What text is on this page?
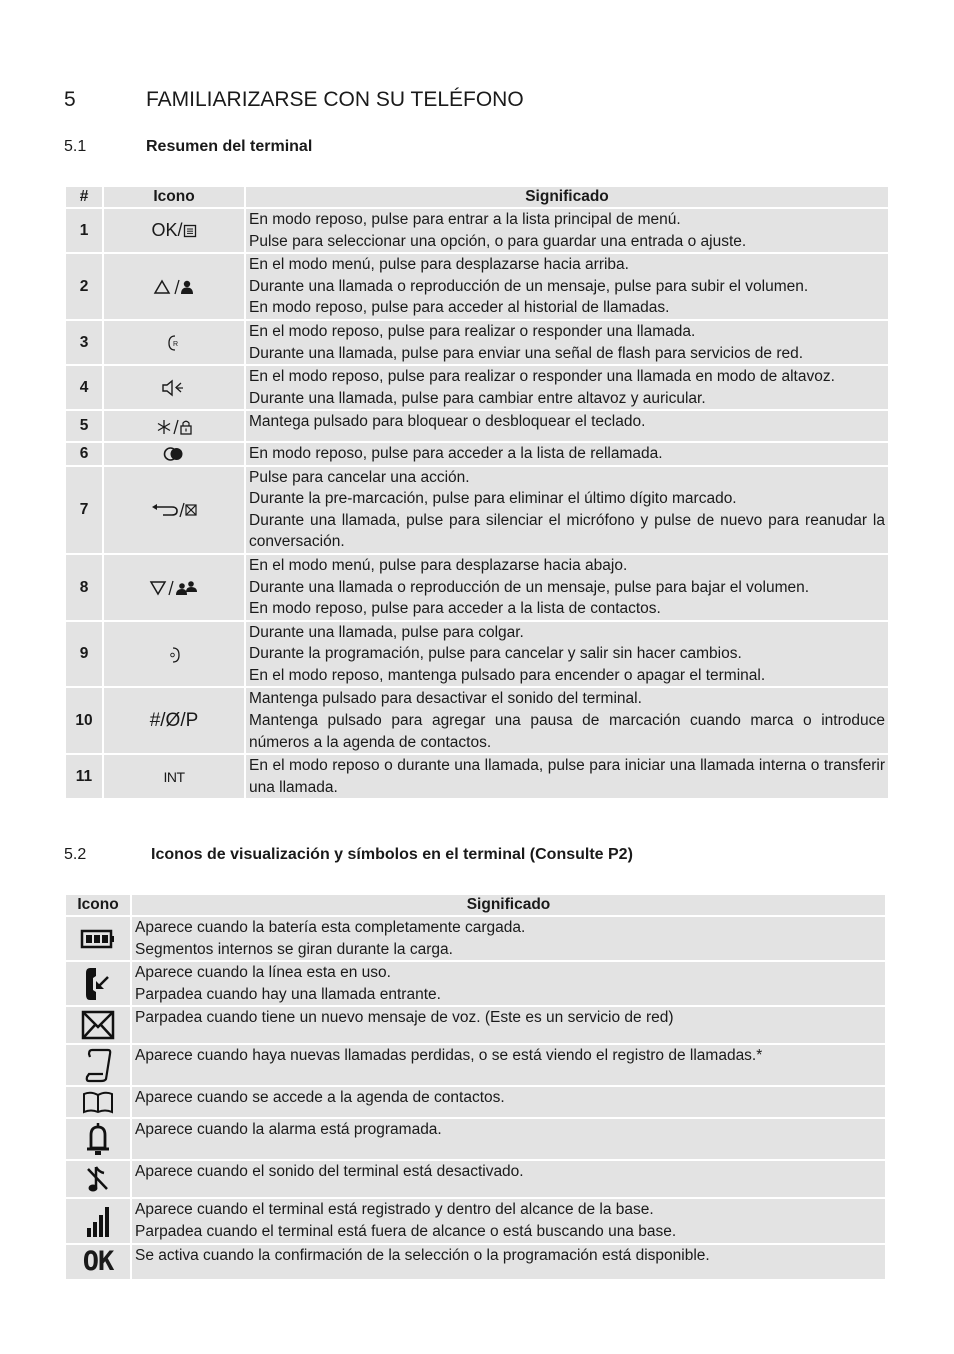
5	FAMILIARIZARSE CON SU TELÉFONO
5.1	Resumen del terminal
#	Icono	Significado
1	OK/	En modo reposo, pulse para entrar a la lista principal de menú.
Pulse para seleccionar una opción, o para guardar una entrada o ajuste.

2		En el modo menú, pulse para desplazarse hacia arriba.
Durante una llamada o reproducción de un mensaje, pulse para subir el volumen.
En modo reposo, pulse para acceder al historial de llamadas.

3	R	En el modo reposo, pulse para realizar o responder una llamada.
Durante una llamada, pulse para enviar una señal de flash para servicios de red.

4		En el modo reposo, pulse para realizar o responder una llamada en modo de altavoz.
Durante una llamada, pulse para cambiar entre altavoz y auricular.

5		Mantega pulsado para bloquear o desbloquear el teclado.

6		En modo reposo, pulse para acceder a la lista de rellamada.

7		Pulse para cancelar una acción.
Durante la pre-marcación, pulse para eliminar el último dígito marcado.
Durante una llamada, pulse para silenciar el micrófono y pulse de nuevo para reanudar la conversación.

8		En el modo menú, pulse para desplazarse hacia abajo.
Durante una llamada o reproducción de un mensaje, pulse para bajar el volumen.
En modo reposo, pulse para acceder a la lista de contactos.

9		Durante una llamada, pulse para colgar.
Durante la programación, pulse para cancelar y salir sin hacer cambios.
En el modo reposo, mantenga pulsado para encender o apagar el terminal.

10	#/Ø/P	Mantenga pulsado para desactivar el sonido del terminal.
Mantenga pulsado para agregar una pausa de marcación cuando marca o introduce números a la agenda de contactos.

11	INT	En el modo reposo o durante una llamada, pulse para iniciar una llamada interna o transferir una llamada.
5.2	Iconos de visualización y símbolos en el terminal (Consulte P2)
Icono	Significado

Aparece cuando la batería esta completamente cargada.
Segmentos internos se giran durante la carga.

Aparece cuando la línea esta en uso.
Parpadea cuando hay una llamada entrante.

Parpadea cuando tiene un nuevo mensaje de voz. (Este es un servicio de red)

Aparece cuando haya nuevas llamadas perdidas, o se está viendo el registro de llamadas.*

Aparece cuando se accede a la agenda de contactos.

Aparece cuando la alarma está programada.

Aparece cuando el sonido del terminal está desactivado.

Aparece cuando el terminal está registrado y dentro del alcance de la base.
Parpadea cuando el terminal está fuera de alcance o está buscando una base.

OK	Se activa cuando la confirmación de la selección o la programación está disponible.
